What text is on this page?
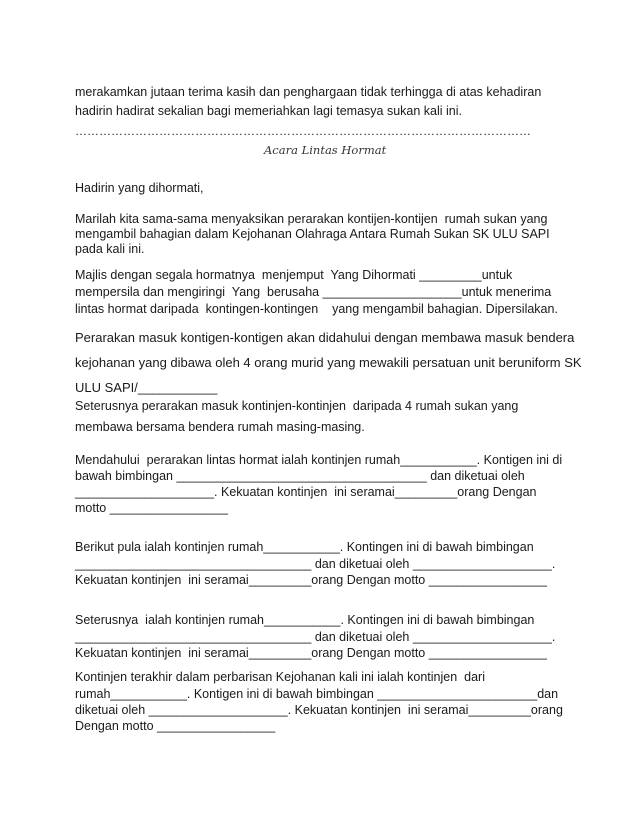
merakamkan jutaan terima kasih dan penghargaan tidak terhingga di atas kehadiran
hadirin hadirat sekalian bagi memeriahkan lagi temasya sukan kali ini.
……………………………………………………………………………………………………
Acara Lintas Hormat
Hadirin yang dihormati,
Marilah kita sama-sama menyaksikan perarakan kontijen-kontijen  rumah sukan yang
mengambil bahagian dalam Kejohanan Olahraga Antara Rumah Sukan SK ULU SAPI
pada kali ini.
Majlis dengan segala hormatnya  menjemput  Yang Dihormati _________untuk
mempersila dan mengiringi  Yang  berusaha ____________________untuk menerima
lintas hormat daripada  kontingen-kontingen    yang mengambil bahagian. Dipersilakan.
Perarakan masuk kontigen-kontigen akan didahului dengan membawa masuk bendera
kejohanan yang dibawa oleh 4 orang murid yang mewakili persatuan unit beruniform SK
ULU SAPI/___________
Seterusnya perarakan masuk kontinjen-kontinjen  daripada 4 rumah sukan yang
membawa bersama bendera rumah masing-masing.
Mendahului  perarakan lintas hormat ialah kontinjen rumah___________. Kontigen ini di
bawah bimbingan ____________________________________ dan diketuai oleh
____________________. Kekuatan kontinjen  ini seramai_________orang Dengan
motto _________________
Berikut pula ialah kontinjen rumah___________. Kontingen ini di bawah bimbingan
__________________________________ dan diketuai oleh ____________________.
Kekuatan kontinjen  ini seramai_________orang Dengan motto _________________
Seterusnya  ialah kontinjen rumah___________. Kontingen ini di bawah bimbingan
__________________________________ dan diketuai oleh ____________________.
Kekuatan kontinjen  ini seramai_________orang Dengan motto _________________
Kontinjen terakhir dalam perbarisan Kejohanan kali ini ialah kontinjen  dari
rumah___________. Kontigen ini di bawah bimbingan _______________________dan
diketuai oleh ____________________. Kekuatan kontinjen  ini seramai_________orang
Dengan motto _________________
